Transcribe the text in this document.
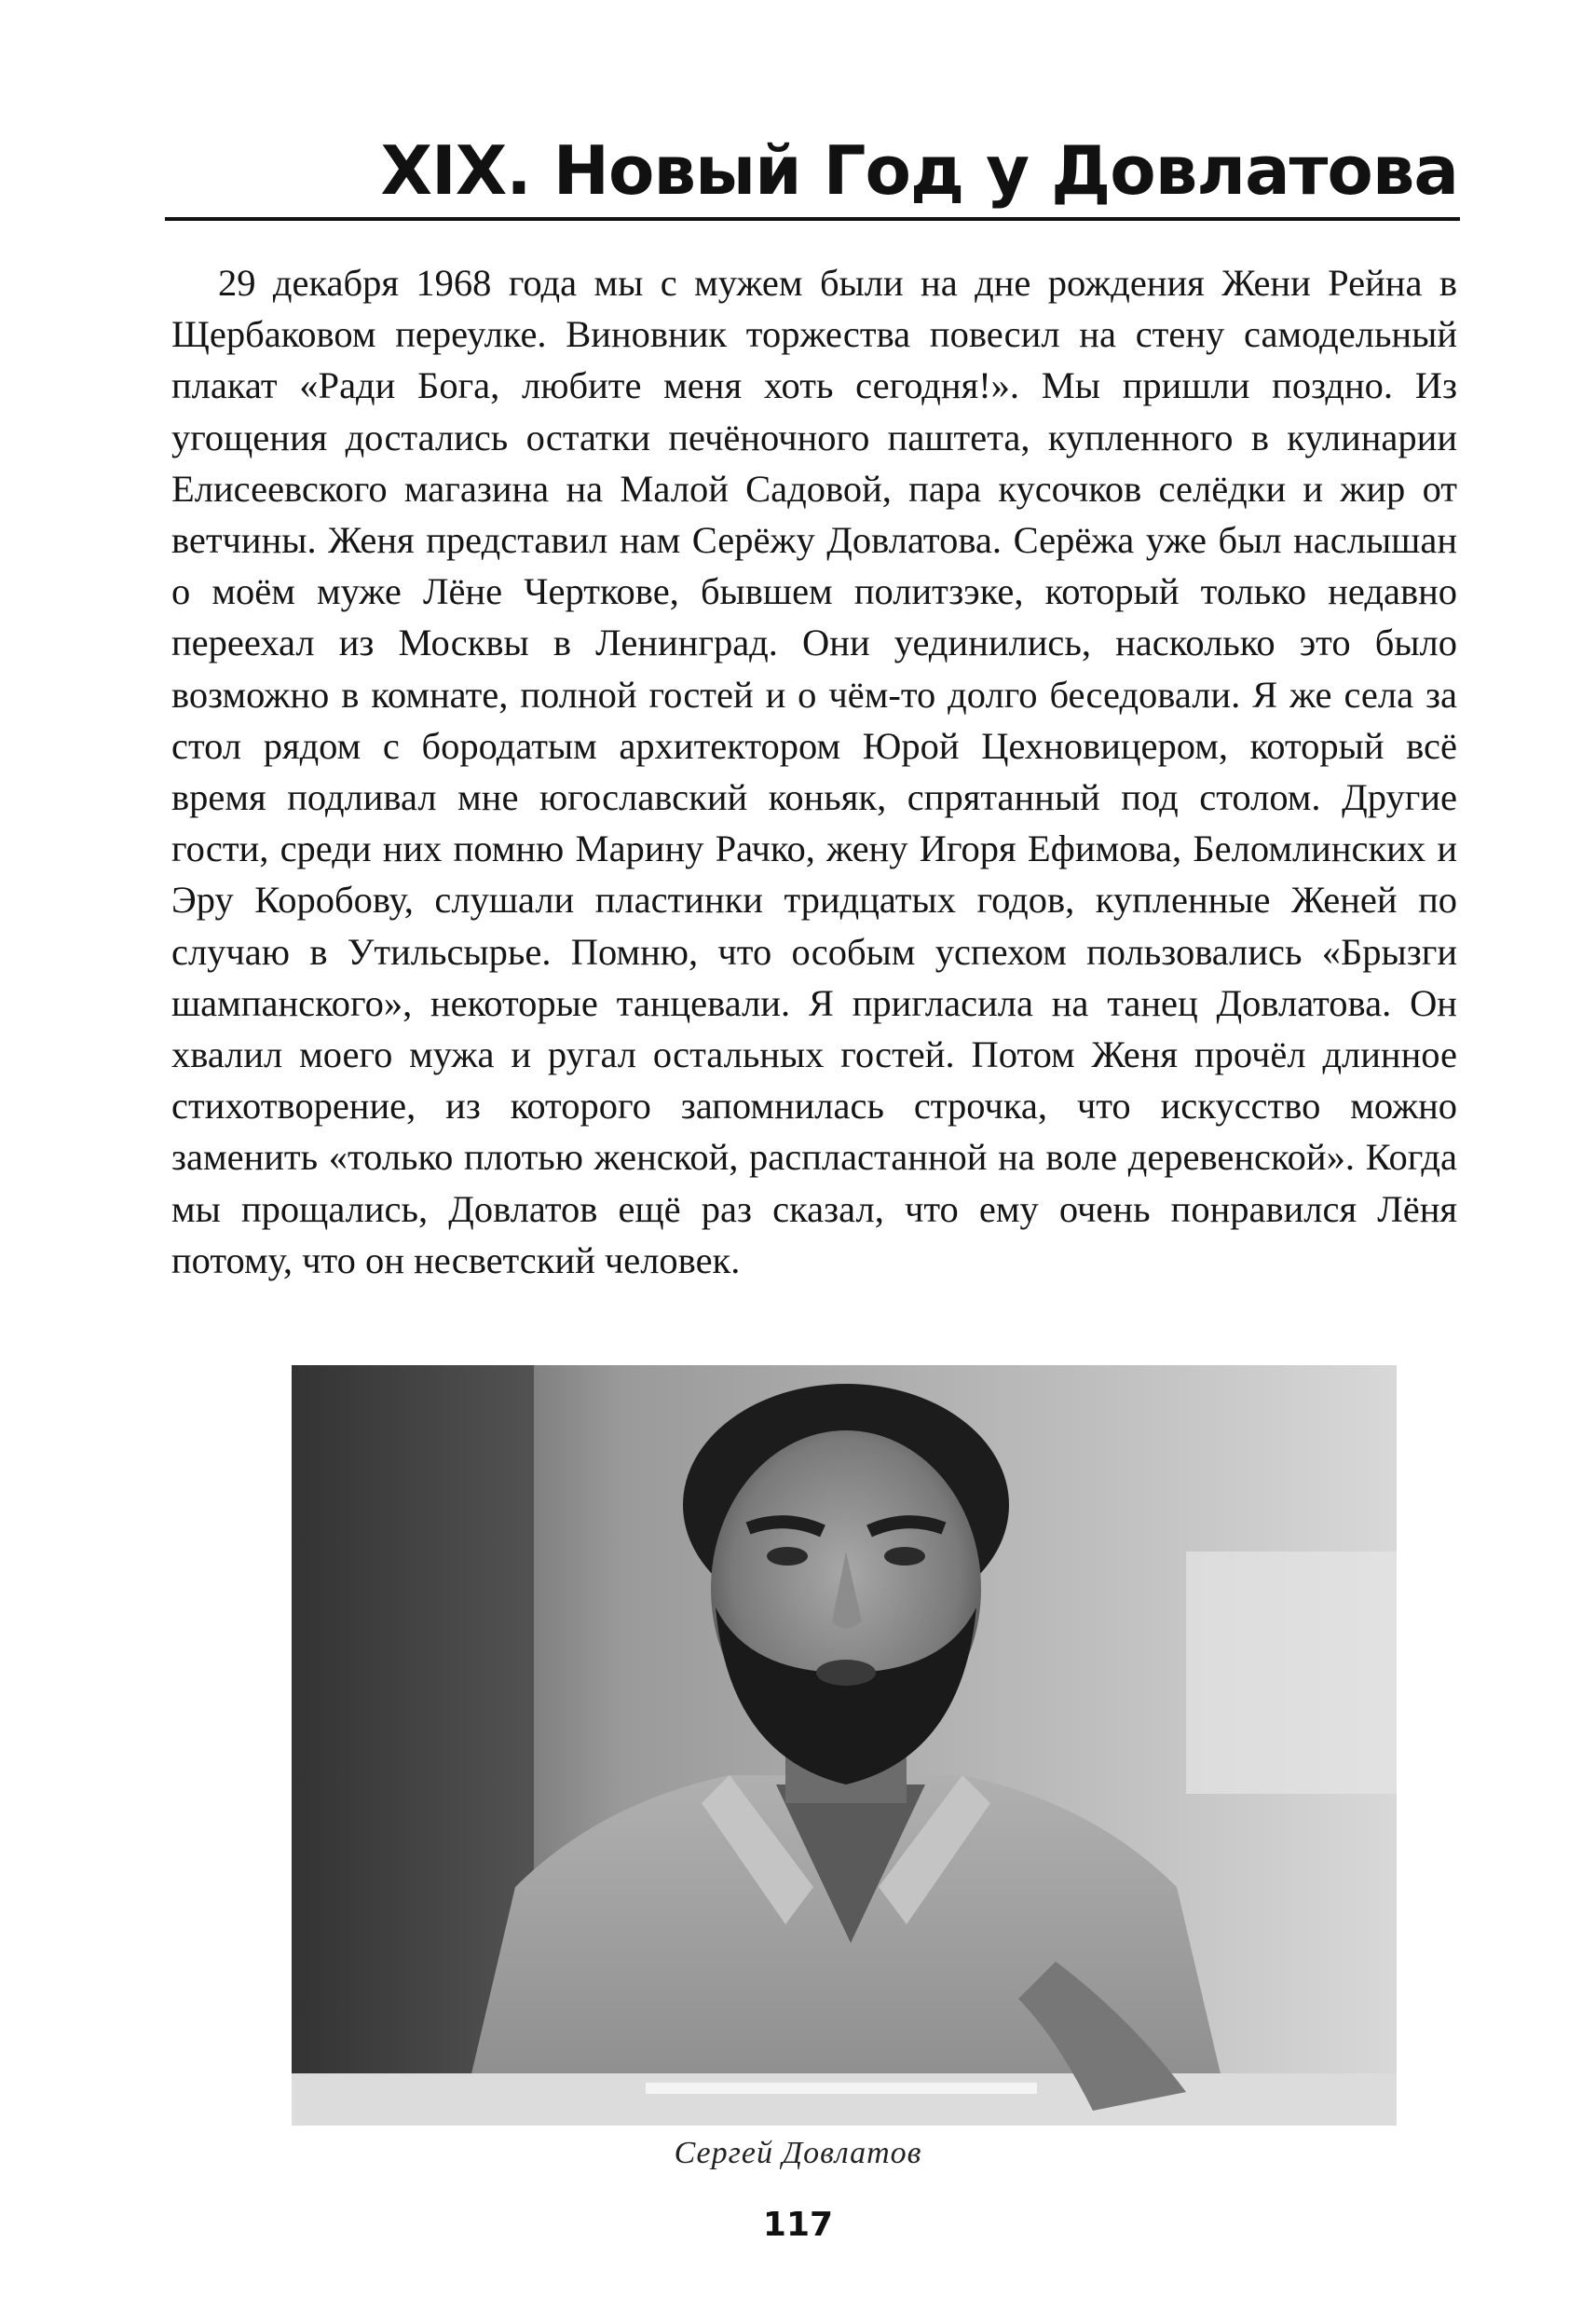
XIX. Новый Год у Довлатова

29 декабря 1968 года мы с мужем были на дне рождения Жени Рейна в Щербаковом переулке. Виновник торжества повесил на стену самодельный плакат «Ради Бога, любите меня хоть сегодня!». Мы пришли поздно. Из угощения достались остатки печёночного паштета, купленного в кулинарии Елисеевского магазина на Малой Садовой, пара кусочков селёдки и жир от ветчины. Женя представил нам Серёжу Довлатова. Серёжа уже был наслышан о моём муже Лёне Черткове, бывшем политзэке, который только недавно переехал из Москвы в Ленинград. Они уединились, насколько это было возможно в комнате, полной гостей и о чём-то долго беседовали. Я же села за стол рядом с бородатым архитектором Юрой Цехновицером, который всё время подливал мне югославский коньяк, спрятанный под столом. Другие гости, среди них помню Марину Рачко, жену Игоря Ефимова, Беломлинских и Эру Коробову, слушали пластинки тридцатых годов, купленные Женей по случаю в Утильсырье. Помню, что особым успехом пользовались «Брызги шампанского», некоторые танцевали. Я пригласила на танец Довлатова. Он хвалил моего мужа и ругал остальных гостей. Потом Женя прочёл длинное стихотворение, из которого запомнилась строчка, что искусство можно заменить «только плотью женской, распластанной на воле деревенской». Когда мы прощались, Довлатов ещё раз сказал, что ему очень понравился Лёня потому, что он несветский человек.

Сергей Довлатов
117
